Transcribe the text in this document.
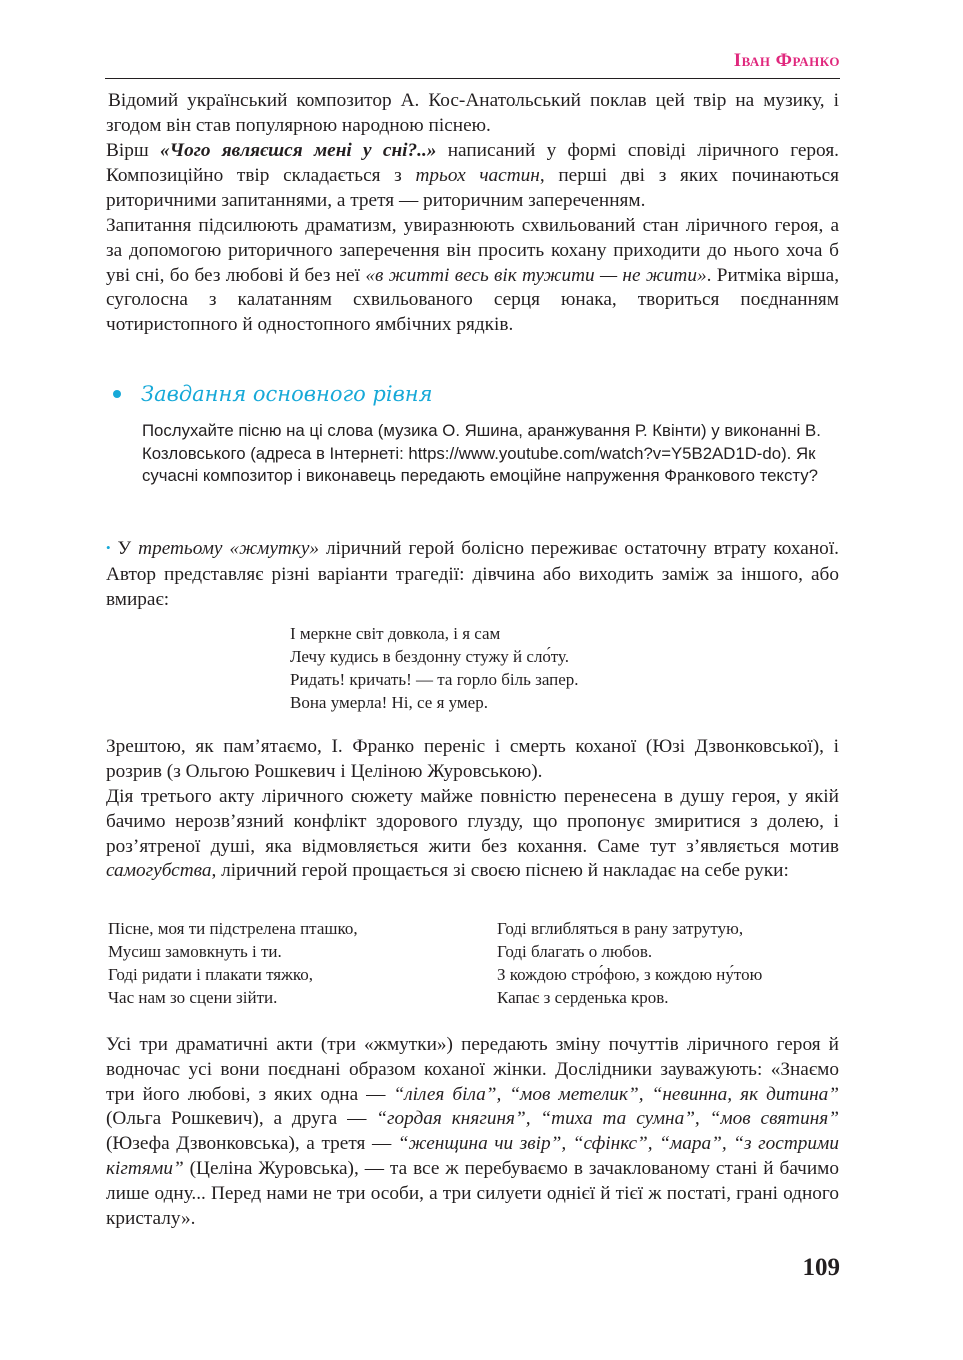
Іван Франко

Відомий український композитор А. Кос-Анатольський поклав цей твір на музику, і згодом він став популярною народною піснею.

Вірш «Чого являєшся мені у сні?..» написаний у формі сповіді ліричного героя. Композиційно твір складається з трьох частин, перші дві з яких починаються риторичними запитаннями, а третя — риторичним запереченням.

Запитання підсилюють драматизм, увиразнюють схвильований стан ліричного героя, а за допомогою риторичного заперечення він просить кохану приходити до нього хоча б уві сні, бо без любові й без неї «в житті весь вік тужити — не жити». Ритміка вірша, суголосна з калатанням схвильованого серця юнака, твориться поєднанням чотиристопного й одностопного ямбічних рядків.

Завдання основного рівня
Послухайте пісню на ці слова (музика О. Яшина, аранжування Р. Квінти) у виконанні В. Козловського (адреса в Інтернеті: https://www.youtube.com/watch?v=Y5B2AD1D-do). Як сучасні композитор і виконавець передають емоційне напруження Франкового тексту?

• У третьому «жмутку» ліричний герой болісно переживає остаточну втрату коханої. Автор представляє різні варіанти трагедії: дівчина або виходить заміж за іншого, або вмирає:

І меркне світ довкола, і я сам
Лечу кудись в бездонну стужу й сло́ту.
Ридать! кричать! — та горло біль запер.
Вона умерла! Ні, се я умер.

Зрештою, як пам’ятаємо, І. Франко переніс і смерть коханої (Юзі Дзвонковської), і розрив (з Ольгою Рошкевич і Целіною Журовською).

Дія третього акту ліричного сюжету майже повністю перенесена в душу героя, у якій бачимо нерозв’язний конфлікт здорового глузду, що пропонує змиритися з долею, і роз’ятреної душі, яка відмовляється жити без кохання. Саме тут з’являється мотив самогубства, ліричний герой прощається зі своєю піснею й накладає на себе руки:

Пісне, моя ти підстрелена пташко,
Мусиш замовкнуть і ти.
Годі ридати і плакати тяжко,
Час нам зо сцени зійти.
Годі вглибляться в рану затрутую,
Годі благать о любов.
З кождою стро́фою, з кождою ну́тою
Капає з серденька кров.

Усі три драматичні акти (три «жмутки») передають зміну почуттів ліричного героя й водночас усі вони поєднані образом коханої жінки. Дослідники зауважують: «Знаємо три його любові, з яких одна — “лілея біла”, “мов метелик”, “невинна, як дитина” (Ольга Рошкевич), а друга — “гордая княгиня”, “тиха та сумна”, “мов святиня” (Юзефа Дзвонковська), а третя — “женщина чи звір”, “сфінкс”, “мара”, “з гострими кігтями” (Целіна Журовська), — та все ж перебуваємо в зачаклованому стані й бачимо лише одну... Перед нами не три особи, а три силуети однієї й тієї ж постаті, грані одного кристалу».

109
